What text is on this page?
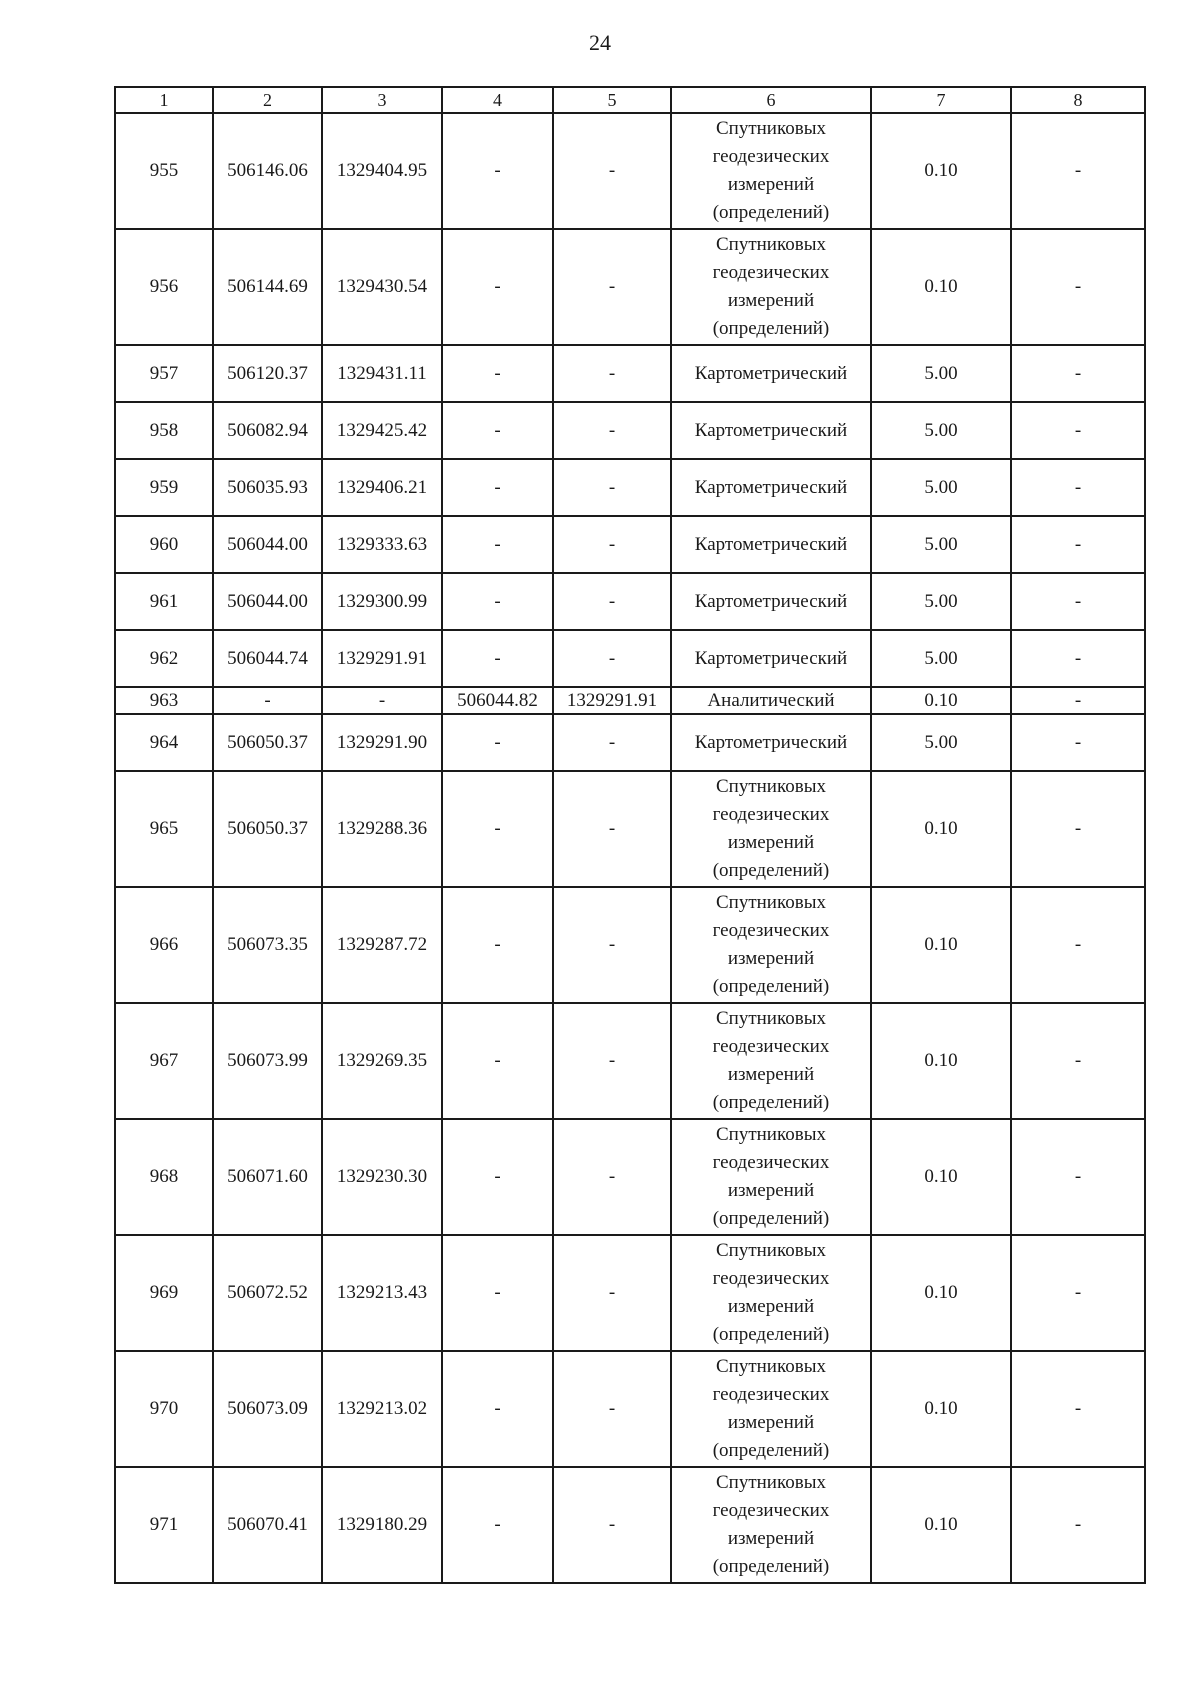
24
1	2	3	4	5	6	7	8
955	506146.06	1329404.95	-	-	Спутниковых геодезических измерений (определений)	0.10	-
956	506144.69	1329430.54	-	-	Спутниковых геодезических измерений (определений)	0.10	-
957	506120.37	1329431.11	-	-	Картометрический	5.00	-
958	506082.94	1329425.42	-	-	Картометрический	5.00	-
959	506035.93	1329406.21	-	-	Картометрический	5.00	-
960	506044.00	1329333.63	-	-	Картометрический	5.00	-
961	506044.00	1329300.99	-	-	Картометрический	5.00	-
962	506044.74	1329291.91	-	-	Картометрический	5.00	-
963	-	-	506044.82	1329291.91	Аналитический	0.10	-
964	506050.37	1329291.90	-	-	Картометрический	5.00	-
965	506050.37	1329288.36	-	-	Спутниковых геодезических измерений (определений)	0.10	-
966	506073.35	1329287.72	-	-	Спутниковых геодезических измерений (определений)	0.10	-
967	506073.99	1329269.35	-	-	Спутниковых геодезических измерений (определений)	0.10	-
968	506071.60	1329230.30	-	-	Спутниковых геодезических измерений (определений)	0.10	-
969	506072.52	1329213.43	-	-	Спутниковых геодезических измерений (определений)	0.10	-
970	506073.09	1329213.02	-	-	Спутниковых геодезических измерений (определений)	0.10	-
971	506070.41	1329180.29	-	-	Спутниковых геодезических измерений (определений)	0.10	-
